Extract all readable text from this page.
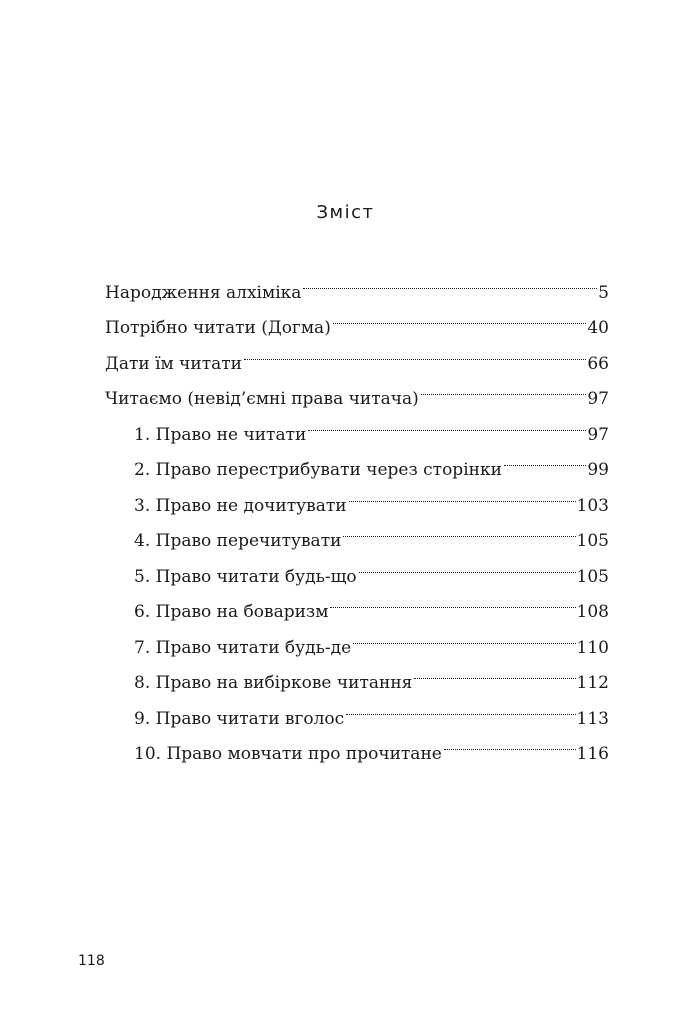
Зміст
Народження алхіміка	5
Потрібно читати (Догма)	40
Дати їм читати	66
Читаємо (невід’ємні права читача)	97
1. Право не читати	97
2. Право перестрибувати через сторінки	99
3. Право не дочитувати	103
4. Право перечитувати	105
5. Право читати будь-що	105
6. Право на боваризм	108
7. Право читати будь-де	110
8. Право на вибіркове читання	112
9. Право читати вголос	113
10. Право мовчати про прочитане	116
118
